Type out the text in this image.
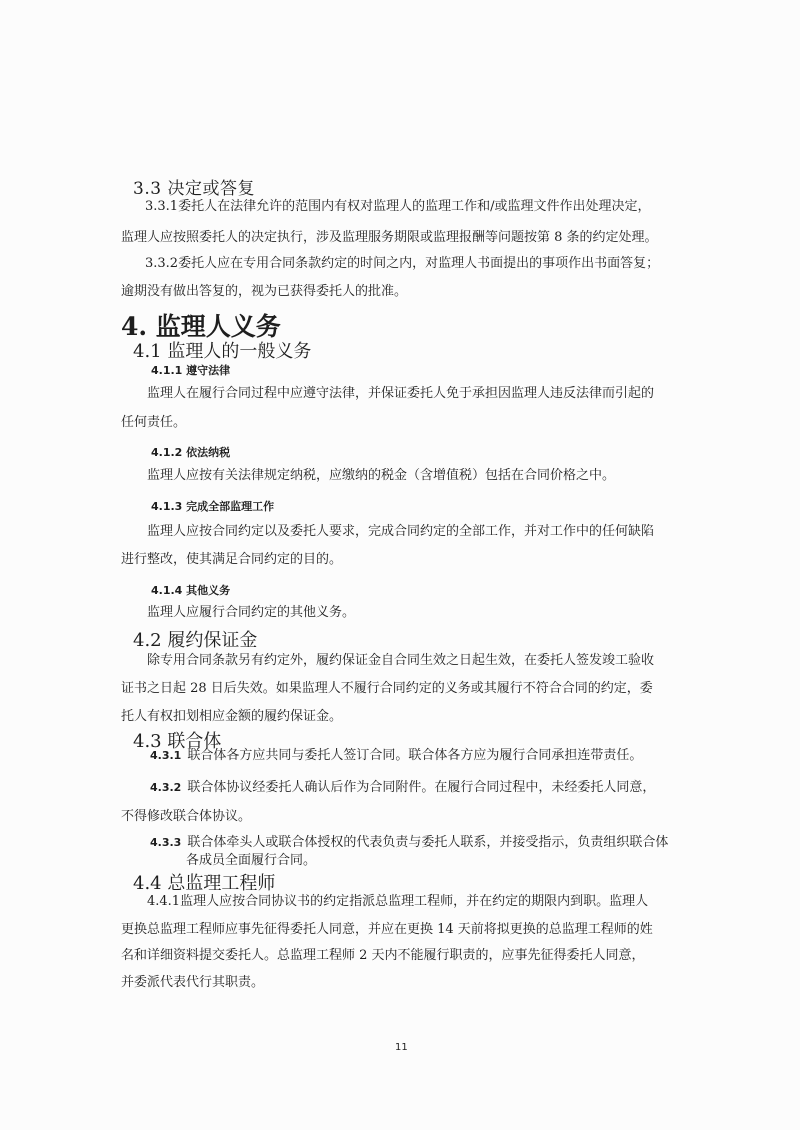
3.3 决定或答复
3.3.1委托人在法律允许的范围内有权对监理人的监理工作和/或监理文件作出处理决定，
监理人应按照委托人的决定执行，涉及监理服务期限或监理报酬等问题按第 8 条的约定处理。
3.3.2委托人应在专用合同条款约定的时间之内，对监理人书面提出的事项作出书面答复；
逾期没有做出答复的，视为已获得委托人的批准。
4. 监理人义务
4.1 监理人的一般义务
4.1.1 遵守法律
监理人在履行合同过程中应遵守法律，并保证委托人免于承担因监理人违反法律而引起的
任何责任。
4.1.2 依法纳税
监理人应按有关法律规定纳税，应缴纳的税金（含增值税）包括在合同价格之中。
4.1.3 完成全部监理工作
监理人应按合同约定以及委托人要求，完成合同约定的全部工作，并对工作中的任何缺陷
进行整改，使其满足合同约定的目的。
4.1.4 其他义务
监理人应履行合同约定的其他义务。
4.2 履约保证金
除专用合同条款另有约定外，履约保证金自合同生效之日起生效，在委托人签发竣工验收
证书之日起 28 日后失效。如果监理人不履行合同约定的义务或其履行不符合合同的约定，委
托人有权扣划相应金额的履约保证金。
4.3 联合体
4.3.1 联合体各方应共同与委托人签订合同。联合体各方应为履行合同承担连带责任。
4.3.2 联合体协议经委托人确认后作为合同附件。在履行合同过程中，未经委托人同意，
不得修改联合体协议。
4.3.3 联合体牵头人或联合体授权的代表负责与委托人联系，并接受指示，负责组织联合体
各成员全面履行合同。
4.4 总监理工程师
4.4.1监理人应按合同协议书的约定指派总监理工程师，并在约定的期限内到职。监理人
更换总监理工程师应事先征得委托人同意，并应在更换 14 天前将拟更换的总监理工程师的姓
名和详细资料提交委托人。总监理工程师 2 天内不能履行职责的，应事先征得委托人同意，
并委派代表代行其职责。
11
